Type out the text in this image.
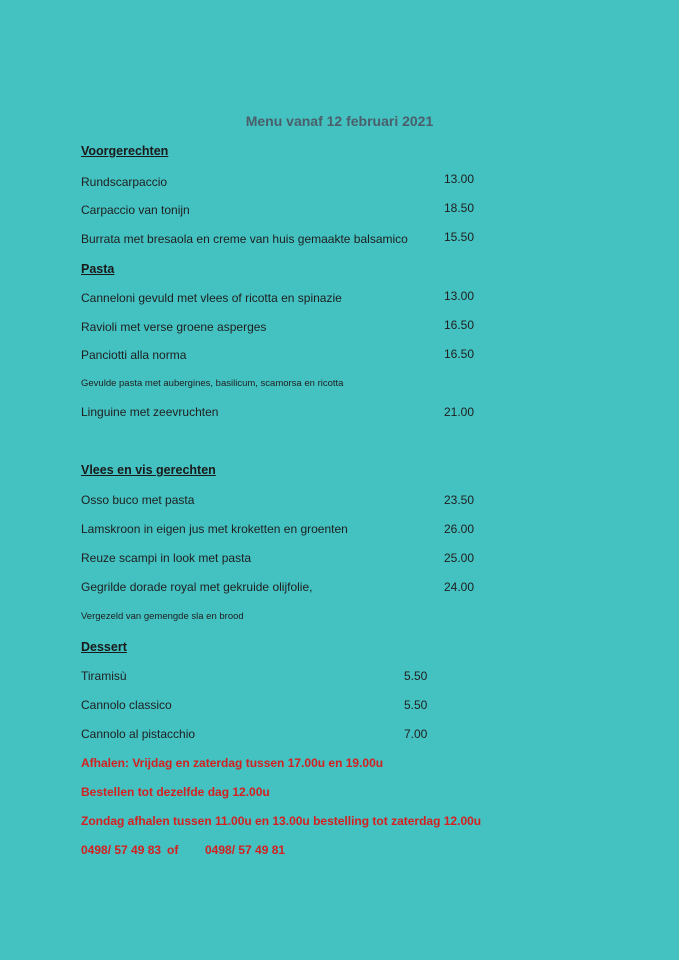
Menu vanaf 12 februari 2021
Voorgerechten
Rundscarpaccio	13.00
Carpaccio van tonijn	18.50
Burrata met bresaola en creme van huis gemaakte balsamico	15.50
Pasta
Canneloni gevuld met vlees of ricotta en spinazie	13.00
Ravioli met verse groene asperges	16.50
Panciotti alla norma	16.50
Gevulde pasta met aubergines, basilicum, scamorsa en ricotta
Linguine met zeevruchten	21.00
Vlees en vis gerechten
Osso buco met pasta	23.50
Lamskroon in eigen jus met kroketten en groenten	26.00
Reuze scampi in look met pasta	25.00
Gegrilde dorade royal met gekruide olijfolie,	24.00
Vergezeld van gemengde sla en brood
Dessert
Tiramisù	5.50
Cannolo classico	5.50
Cannolo al pistacchio	7.00
Afhalen: Vrijdag en zaterdag tussen 17.00u en 19.00u
Bestellen tot dezelfde dag 12.00u
Zondag afhalen tussen 11.00u en 13.00u bestelling tot zaterdag 12.00u
0498/ 57 49 83 of 0498/ 57 49 81
